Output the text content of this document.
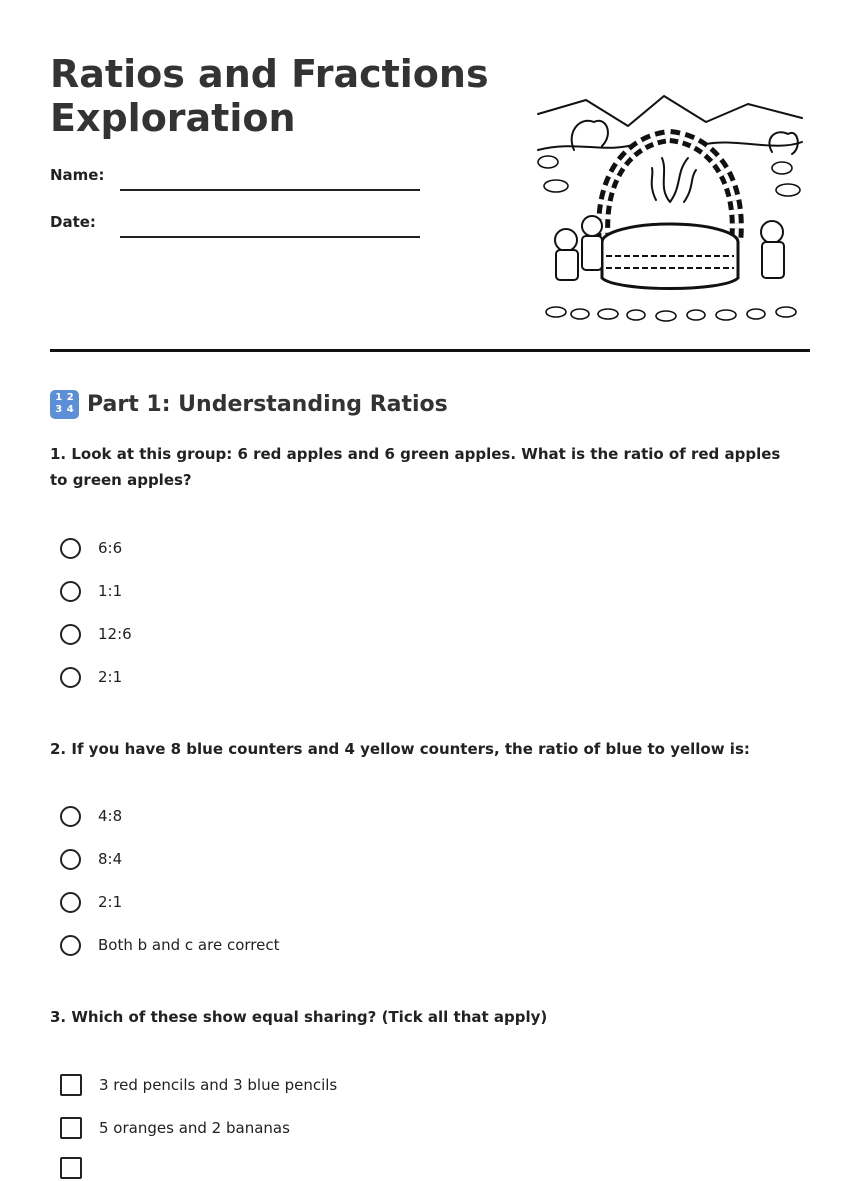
Ratios and Fractions Exploration
Name:
Date:
1 2
3 4 Part 1: Understanding Ratios
1. Look at this group: 6 red apples and 6 green apples. What is the ratio of red apples to green apples?
6:6
1:1
12:6
2:1
2. If you have 8 blue counters and 4 yellow counters, the ratio of blue to yellow is:
4:8
8:4
2:1
Both b and c are correct
3. Which of these show equal sharing? (Tick all that apply)
3 red pencils and 3 blue pencils
5 oranges and 2 bananas
